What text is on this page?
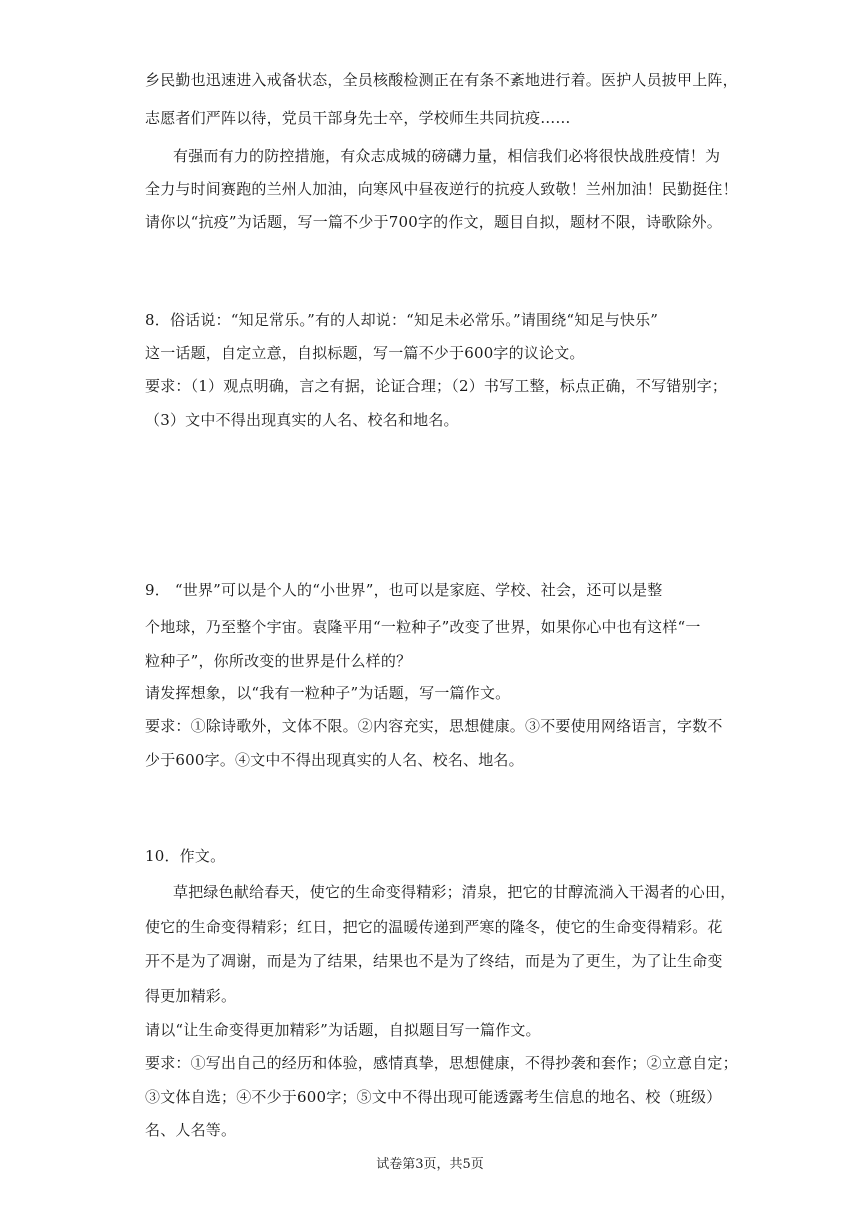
乡民勤也迅速进入戒备状态，全员核酸检测正在有条不紊地进行着。医护人员披甲上阵，
志愿者们严阵以待，党员干部身先士卒，学校师生共同抗疫……
有强而有力的防控措施，有众志成城的磅礴力量，相信我们必将很快战胜疫情！为
全力与时间赛跑的兰州人加油，向寒风中昼夜逆行的抗疫人致敬！兰州加油！民勤挺住！
请你以“抗疫”为话题，写一篇不少于700字的作文，题目自拟，题材不限，诗歌除外。
8．俗话说：“知足常乐。”有的人却说：“知足未必常乐。”请围绕“知足与快乐”
这一话题，自定立意，自拟标题，写一篇不少于600字的议论文。
要求：（1）观点明确，言之有据，论证合理；（2）书写工整，标点正确，不写错别字；
（3）文中不得出现真实的人名、校名和地名。
9． “世界”可以是个人的“小世界”，也可以是家庭、学校、社会，还可以是整
个地球，乃至整个宇宙。袁隆平用“一粒种子”改变了世界，如果你心中也有这样“一
粒种子”，你所改变的世界是什么样的？
请发挥想象，以“我有一粒种子”为话题，写一篇作文。
要求：①除诗歌外，文体不限。②内容充实，思想健康。③不要使用网络语言，字数不
少于600字。④文中不得出现真实的人名、校名、地名。
10．作文。
草把绿色献给春天，使它的生命变得精彩；清泉，把它的甘醇流淌入干渴者的心田，
使它的生命变得精彩；红日，把它的温暖传递到严寒的隆冬，使它的生命变得精彩。花
开不是为了凋谢，而是为了结果，结果也不是为了终结，而是为了更生，为了让生命变
得更加精彩。
请以“让生命变得更加精彩”为话题，自拟题目写一篇作文。
要求：①写出自己的经历和体验，感情真挚，思想健康，不得抄袭和套作；②立意自定；
③文体自选；④不少于600字；⑤文中不得出现可能透露考生信息的地名、校（班级）
名、人名等。
试卷第3页，共5页
